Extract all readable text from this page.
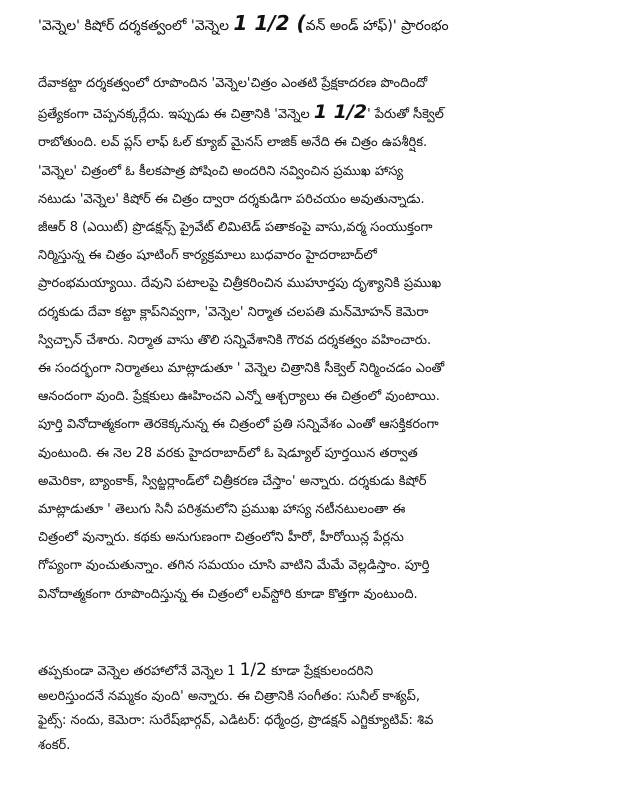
'వెన్నెల' కిషోర్ దర్శకత్వంలో 'వెన్నెల 1 1/2 (వన్ అండ్ హాఫ్)' ప్రారంభం
దేవాకట్టా దర్శకత్వంలో రూపొందిన 'వెన్నెల'చిత్రం ఎంతటి ప్రేక్షకాదరణ పొందిందో
ప్రత్యేకంగా చెప్పనక్కర్లేదు. ఇప్పుడు ఈ చిత్రానికి 'వెన్నెల 1 1/2' పేరుతో సీక్వెల్
రాబోతుంది. లవ్ ప్లస్ లాఫ్ ఓల్ క్యూబ్ మైనస్ లాజిక్ అనేది ఈ చిత్రం ఉపశీర్షిక.
'వెన్నెల' చిత్రంలో ఓ కీలకపాత్ర పోషించి అందరిని నవ్వించిన ప్రముఖ హాస్య
నటుడు 'వెన్నెల' కిషోర్ ఈ చిత్రం ద్వారా దర్శకుడిగా పరిచయం అవుతున్నాడు.
జీఆర్ 8 (ఎయిట్) ప్రొడక్షన్స్ ప్రైవేట్ లిమిటెడ్ పతాకంపై వాసు,వర్మ సంయుక్తంగా
నిర్మిస్తున్న ఈ చిత్రం షూటింగ్ కార్యక్రమాలు బుధవారం హైదరాబాద్‌లో
ప్రారంభమయ్యాయి. దేవుని పటాలపై చిత్రీకరించిన ముహూర్తపు దృశ్యానికి ప్రముఖ
దర్శకుడు దేవా కట్టా క్లాప్‌నివ్వగా, 'వెన్నెల' నిర్మాత చలపతి మన్‌మోహన్ కెమెరా
స్విచ్చాన్ చేశారు. నిర్మాత వాసు తొలి సన్నివేశానికి గౌరవ దర్శకత్వం వహించారు.
ఈ సందర్భంగా నిర్మాతలు మాట్లాడుతూ ' వెన్నెల చిత్రానికి సీక్వెల్ నిర్మించడం ఎంతో
ఆనందంగా వుంది. ప్రేక్షకులు ఊహించని ఎన్నో ఆశ్చర్యాలు ఈ చిత్రంలో వుంటాయి.
పూర్తి వినోదాత్మకంగా తెరకెక్కనున్న ఈ చిత్రంలో ప్రతి సన్నివేశం ఎంతో ఆసక్తికరంగా
వుంటుంది. ఈ నెల 28 వరకు హైదరాబాద్‌లో ఓ షెడ్యూల్ పూర్తయిన తర్వాత
అమెరికా, బ్యాంకాక్, స్విట్జర్లాండ్‌లో చిత్రీకరణ చేస్తాం' అన్నారు. దర్శకుడు కిషోర్
మాట్లాడుతూ ' తెలుగు సినీ పరిశ్రమలోని ప్రముఖ హాస్య నటీనటులంతా ఈ
చిత్రంలో వున్నారు. కథకు అనుగుణంగా చిత్రంలోని హీరో, హీరోయిన్ల పేర్లను
గోప్యంగా వుంచుతున్నాం. తగిన సమయం చూసి వాటిని మేమే వెల్లడిస్తాం. పూర్తి
వినోదాత్మకంగా రూపొందిస్తున్న ఈ చిత్రంలో లవ్‌స్టోరి కూడా కొత్తగా వుంటుంది.
తప్పకుండా వెన్నెల తరహాలోనే వెన్నెల 1 1/2 కూడా ప్రేక్షకులందరిని
అలరిస్తుందనే నమ్మకం వుంది' అన్నారు. ఈ చిత్రానికి సంగీతం: సునీల్ కాశ్యప్,
ఫైట్స్: నందు, కెమెరా: సురేష్‌భార్గవ్, ఎడిటర్: ధర్మేంద్ర, ప్రొడక్షన్ ఎగ్జిక్యూటివ్: శివ
శంకర్.
